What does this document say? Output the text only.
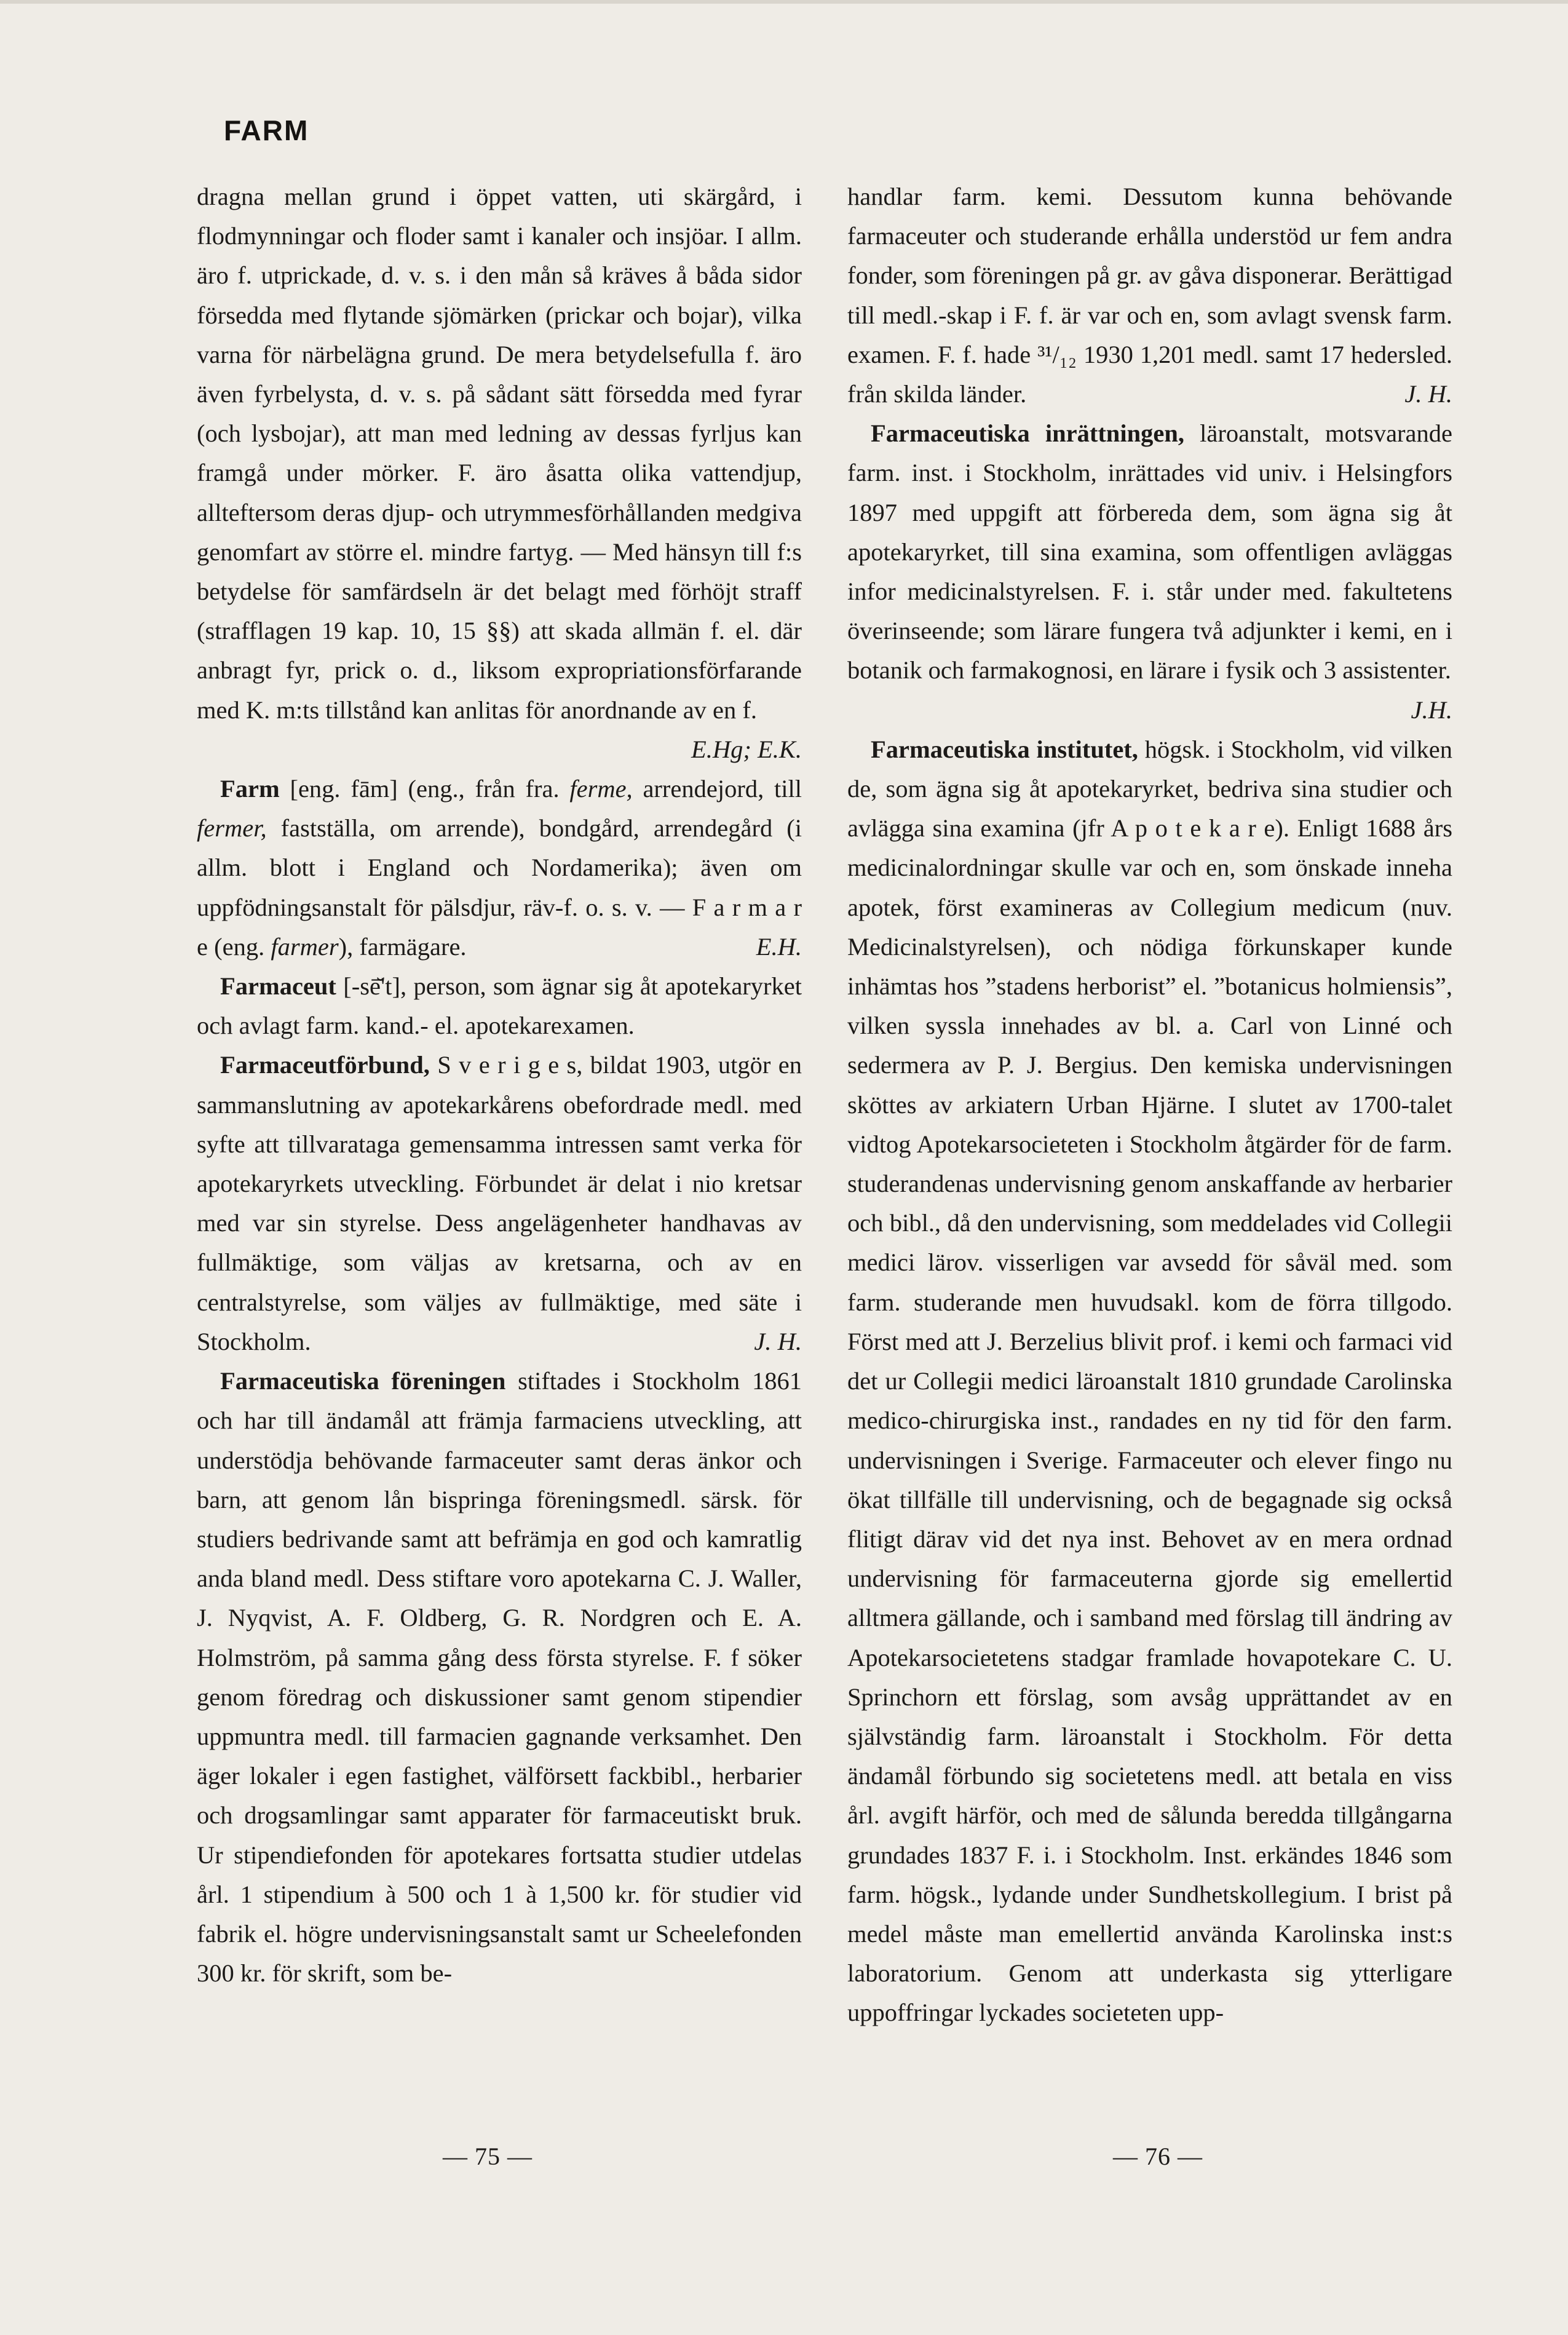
FARM

dragna mellan grund i öppet vatten, uti skärgård, i flodmynningar och floder samt i kanaler och insjöar. I allm. äro f. utprickade, d. v. s. i den mån så kräves å båda sidor försedda med flytande sjömärken (prickar och bojar), vilka varna för närbelägna grund. De mera betydelsefulla f. äro även fyrbelysta, d. v. s. på sådant sätt försedda med fyrar (och lysbojar), att man med ledning av dessas fyrljus kan framgå under mörker. F. äro åsatta olika vattendjup, allteftersom deras djup- och utrymmesförhållanden medgiva genomfart av större el. mindre fartyg. — Med hänsyn till f:s betydelse för samfärdseln är det belagt med förhöjt straff (strafflagen 19 kap. 10, 15 §§) att skada allmän f. el. där anbragt fyr, prick o. d., liksom expropriationsförfarande med K. m:ts tillstånd kan anlitas för anordnande av en f.
E.Hg; E.K.

Farm [eng. fām] (eng., från fra. ferme, arrendejord, till fermer, fastställa, om arrende), bondgård, arrendegård (i allm. blott i England och Nordamerika); även om uppfödningsanstalt för pälsdjur, räv-f. o. s. v. — F a r m a r e (eng. farmer), farmägare.	E.H.

Farmaceut [-sē̆'t], person, som ägnar sig åt apotekaryrket och avlagt farm. kand.- el. apotekarexamen.

Farmaceutförbund, S v e r i g e s, bildat 1903, utgör en sammanslutning av apotekarkårens obefordrade medl. med syfte att tillvaratagа gemensamma intressen samt verka för apotekaryrkets utveckling. Förbundet är delat i nio kretsar med var sin styrelse. Dess angelägenheter handhavas av fullmäktige, som väljas av kretsarna, och av en centralstyrelse, som väljes av fullmäktige, med säte i Stockholm.	J. H.

Farmaceutiska föreningen stiftades i Stockholm 1861 och har till ändamål att främja farmaciens utveckling, att understödja behövande farmaceuter samt deras änkor och barn, att genom lån bispringa föreningsmedl. särsk. för studiers bedrivande samt att befrämja en god och kamratlig anda bland medl. Dess stiftare voro apotekarna C. J. Waller, J. Nyqvist, A. F. Oldberg, G. R. Nordgren och E. A. Holmström, på samma gång dess första styrelse. F. f söker genom föredrag och diskussioner samt genom stipendier uppmuntra medl. till farmacien gagnande verksamhet. Den äger lokaler i egen fastighet, välförsett fackbibl., herbarier och drogsamlingar samt apparater för farmaceutiskt bruk. Ur stipendiefonden för apotekares fortsatta studier utdelas årl. 1 stipendium à 500 och 1 à 1,500 kr. för studier vid fabrik el. högre undervisningsanstalt samt ur Scheelefonden 300 kr. för skrift, som be-

handlar farm. kemi. Dessutom kunna behövande farmaceuter och studerande erhålla understöd ur fem andra fonder, som föreningen på gr. av gåva disponerar. Berättigad till medl.-skap i F. f. är var och en, som avlagt svensk farm. examen. F. f. hade ³¹/₁₂ 1930 1,201 medl. samt 17 hedersled. från skilda länder.	J. H.

Farmaceutiska inrättningen, läroanstalt, motsvarande farm. inst. i Stockholm, inrättades vid univ. i Helsingfors 1897 med uppgift att förbereda dem, som ägna sig åt apotekaryrket, till sina examina, som offentligen avläggas infor medicinalstyrelsen. F. i. står under med. fakultetens överinseende; som lärare fungera två adjunkter i kemi, en i botanik och farmakognosi, en lärare i fysik och 3 assistenter.
J.H.

Farmaceutiska institutet, högsk. i Stockholm, vid vilken de, som ägna sig åt apotekaryrket, bedriva sina studier och avlägga sina examina (jfr A p o t e k a r e). Enligt 1688 års medicinalordningar skulle var och en, som önskade inneha apotek, först examineras av Collegium medicum (nuv. Medicinalstyrelsen), och nödiga förkunskaper kunde inhämtas hos ”stadens herborist” el. ”botanicus holmiensis”, vilken syssla innehades av bl. a. Carl von Linné och sedermera av P. J. Bergius. Den kemiska undervisningen sköttes av arkiatern Urban Hjärne. I slutet av 1700-talet vidtog Apotekarsocieteten i Stockholm åtgärder för de farm. studerandenas undervisning genom anskaffande av herbarier och bibl., då den undervisning, som meddelades vid Collegii medici lärov. visserligen var avsedd för såväl med. som farm. studerande men huvudsakl. kom de förra tillgodo. Först med att J. Berzelius blivit prof. i kemi och farmaci vid det ur Collegii medici läroanstalt 1810 grundade Carolinska medico-chirurgiska inst., randades en ny tid för den farm. undervisningen i Sverige. Farmaceuter och elever fingo nu ökat tillfälle till undervisning, och de begagnade sig också flitigt därav vid det nya inst. Behovet av en mera ordnad undervisning för farmaceuterna gjorde sig emellertid alltmera gällande, och i samband med förslag till ändring av Apotekarsocietetens stadgar framlade hovapotekare C. U. Sprinchorn ett förslag, som avsåg upprättandet av en självständig farm. läroanstalt i Stockholm. För detta ändamål förbundo sig societetens medl. att betala en viss årl. avgift härför, och med de sålunda beredda tillgångarna grundades 1837 F. i. i Stockholm. Inst. erkändes 1846 som farm. högsk., lydande under Sundhetskollegium. I brist på medel måste man emellertid använda Karolinska inst:s laboratorium. Genom att underkasta sig ytterligare uppoffringar lyckades societeten upp-

— 75 —	— 76 —
